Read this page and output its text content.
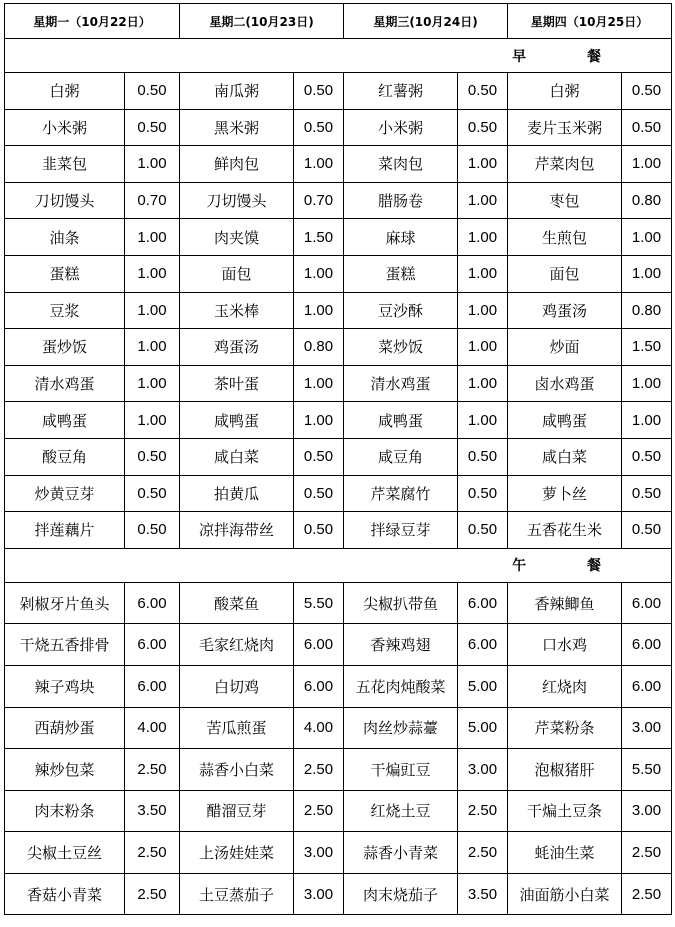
星期一（10月22日）		星期二(10月23日)		星期三(10月24日)		星期四（10月25日）	

早 餐							

白粥	0.50	南瓜粥	0.50	红薯粥	0.50	白粥	0.50
小米粥	0.50	黑米粥	0.50	小米粥	0.50	麦片玉米粥	0.50
韭菜包	1.00	鲜肉包	1.00	菜肉包	1.00	芹菜肉包	1.00
刀切馒头	0.70	刀切馒头	0.70	腊肠卷	1.00	枣包	0.80
油条	1.00	肉夹馍	1.50	麻球	1.00	生煎包	1.00
蛋糕	1.00	面包	1.00	蛋糕	1.00	面包	1.00
豆浆	1.00	玉米棒	1.00	豆沙酥	1.00	鸡蛋汤	0.80
蛋炒饭	1.00	鸡蛋汤	0.80	菜炒饭	1.00	炒面	1.50
清水鸡蛋	1.00	茶叶蛋	1.00	清水鸡蛋	1.00	卤水鸡蛋	1.00
咸鸭蛋	1.00	咸鸭蛋	1.00	咸鸭蛋	1.00	咸鸭蛋	1.00
酸豆角	0.50	咸白菜	0.50	咸豆角	0.50	咸白菜	0.50
炒黄豆芽	0.50	拍黄瓜	0.50	芹菜腐竹	0.50	萝卜丝	0.50
拌莲藕片	0.50	凉拌海带丝	0.50	拌绿豆芽	0.50	五香花生米	0.50

午 餐							

剁椒牙片鱼头	6.00	酸菜鱼	5.50	尖椒扒带鱼	6.00	香辣鲫鱼	6.00
干烧五香排骨	6.00	毛家红烧肉	6.00	香辣鸡翅	6.00	口水鸡	6.00
辣子鸡块	6.00	白切鸡	6.00	五花肉炖酸菜	5.00	红烧肉	6.00
西葫炒蛋	4.00	苦瓜煎蛋	4.00	肉丝炒蒜薹	5.00	芹菜粉条	3.00
辣炒包菜	2.50	蒜香小白菜	2.50	干煸豇豆	3.00	泡椒猪肝	5.50
肉末粉条	3.50	醋溜豆芽	2.50	红烧土豆	2.50	干煸土豆条	3.00
尖椒土豆丝	2.50	上汤娃娃菜	3.00	蒜香小青菜	2.50	蚝油生菜	2.50
香菇小青菜	2.50	土豆蒸茄子	3.00	肉末烧茄子	3.50	油面筋小白菜	2.50
